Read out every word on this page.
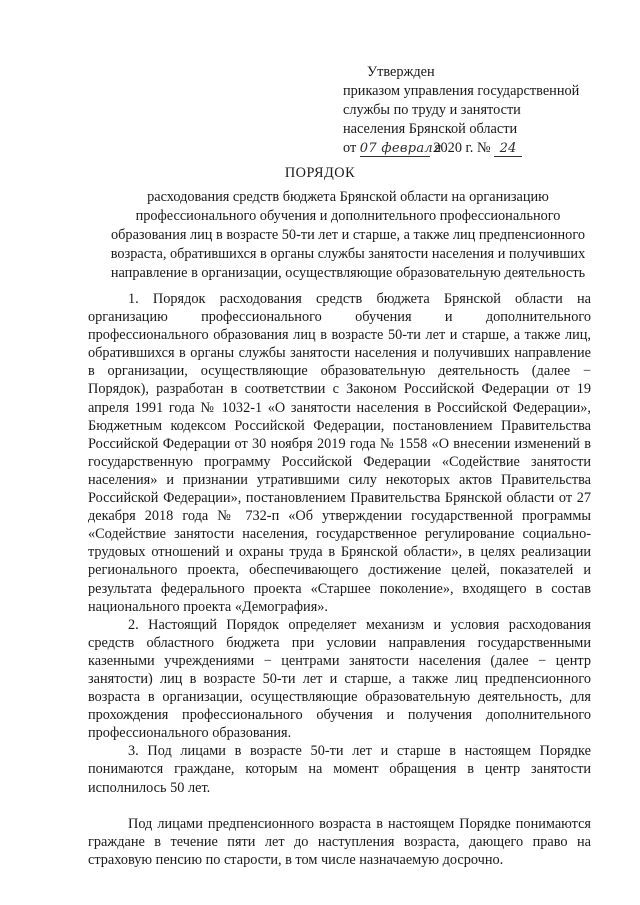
Утвержден
приказом управления государственной
службы по труду и занятости
населения Брянской области
от 07 февраля 2020 г. № 24
ПОРЯДОК
расходования средств бюджета Брянской области на организацию
профессионального обучения и дополнительного профессионального
образования лиц в возрасте 50-ти лет и старше, а также лиц предпенсионного
возраста, обратившихся в органы службы занятости населения и получивших
направление в организации, осуществляющие образовательную деятельность

1. Порядок расходования средств бюджета Брянской области на организацию профессионального обучения и дополнительного профессионального образования лиц в возрасте 50-ти лет и старше, а также лиц, обратившихся в органы службы занятости населения и получивших направление в организации, осуществляющие образовательную деятельность (далее − Порядок), разработан в соответствии с Законом Российской Федерации от 19 апреля 1991 года № 1032-1 «О занятости населения в Российской Федерации», Бюджетным кодексом Российской Федерации, постановлением Правительства Российской Федерации от 30 ноября 2019 года № 1558 «О внесении изменений в государственную программу Российской Федерации «Содействие занятости населения» и признании утратившими силу некоторых актов Правительства Российской Федерации», постановлением Правительства Брянской области от 27 декабря 2018 года № 732-п «Об утверждении государственной программы «Содействие занятости населения, государственное регулирование социально-трудовых отношений и охраны труда в Брянской области», в целях реализации регионального проекта, обеспечивающего достижение целей, показателей и результата федерального проекта «Старшее поколение», входящего в состав национального проекта «Демография».

2. Настоящий Порядок определяет механизм и условия расходования средств областного бюджета при условии направления государственными казенными учреждениями − центрами занятости населения (далее − центр занятости) лиц в возрасте 50-ти лет и старше, а также лиц предпенсионного возраста в организации, осуществляющие образовательную деятельность, для прохождения профессионального обучения и получения дополнительного профессионального образования.

3. Под лицами в возрасте 50-ти лет и старше в настоящем Порядке понимаются граждане, которым на момент обращения в центр занятости исполнилось 50 лет.

Под лицами предпенсионного возраста в настоящем Порядке понимаются граждане в течение пяти лет до наступления возраста, дающего право на страховую пенсию по старости, в том числе назначаемую досрочно.
